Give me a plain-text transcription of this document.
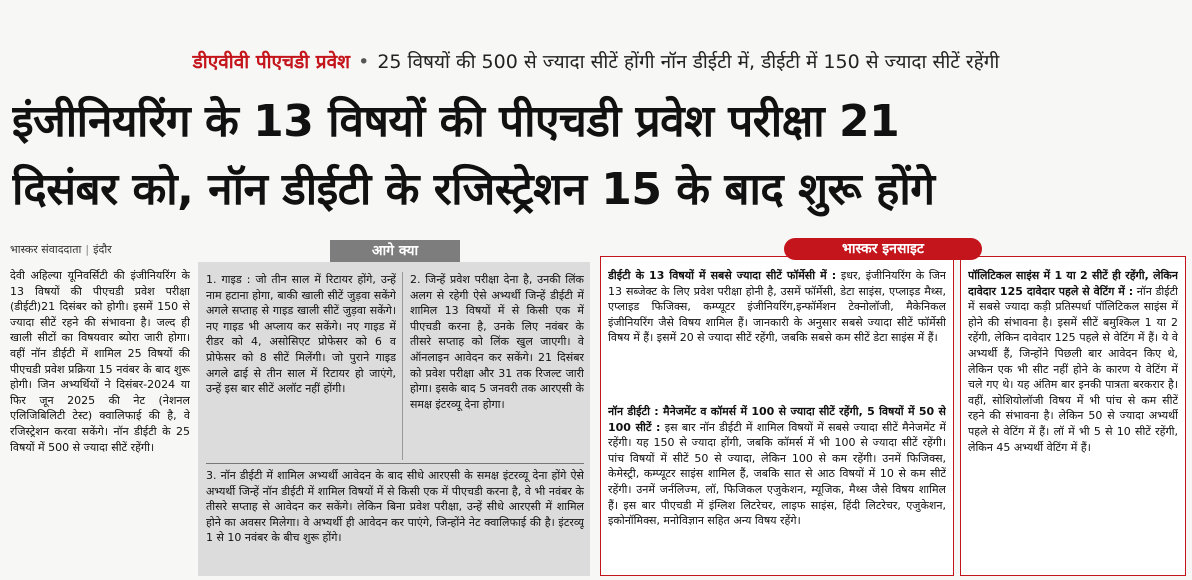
डीएवीवी पीएचडी प्रवेश • 25 विषयों की 500 से ज्यादा सीटें होंगी नॉन डीईटी में, डीईटी में 150 से ज्यादा सीटें रहेंगी
इंजीनियरिंग के 13 विषयों की पीएचडी प्रवेश परीक्षा 21
दिसंबर को, नॉन डीईटी के रजिस्ट्रेशन 15 के बाद शुरू होंगे
भास्कर संवाददाता | इंदौर
देवी अहिल्या यूनिवर्सिटी की इंजीनियरिंग के 13 विषयों की पीएचडी प्रवेश परीक्षा (डीईटी)21 दिसंबर को होगी। इसमें 150 से ज्यादा सीटें रहने की संभावना है। जल्द ही खाली सीटों का विषयवार ब्योरा जारी होगा। वहीं नॉन डीईटी में शामिल 25 विषयों की पीएचडी प्रवेश प्रक्रिया 15 नवंबर के बाद शुरू होगी। जिन अभ्यर्थियों ने दिसंबर-2024 या फिर जून 2025 की नेट (नेशनल एलिजिबिलिटी टेस्ट) क्वालिफाई की है, वे रजिस्ट्रेशन करवा सकेंगे। नॉन डीईटी के 25 विषयों में 500 से ज्यादा सीटें रहेंगी।
आगे क्या
1. गाइड : जो तीन साल में रिटायर होंगे, उन्हें नाम हटाना होगा, बाकी खाली सीटें जुड़वा सकेंगे अगले सप्ताह से गाइड खाली सीटें जुड़वा सकेंगे। नए गाइड भी अप्लाय कर सकेंगे। नए गाइड में रीडर को 4, असोसिएट प्रोफेसर को 6 व प्रोफेसर को 8 सीटें मिलेंगी। जो पुराने गाइड अगले ढाई से तीन साल में रिटायर हो जाएंगे, उन्हें इस बार सीटें अलॉट नहीं होंगी।
2. जिन्हें प्रवेश परीक्षा देना है, उनकी लिंक अलग से रहेगी ऐसे अभ्यर्थी जिन्हें डीईटी में शामिल 13 विषयों में से किसी एक में पीएचडी करना है, उनके लिए नवंबर के तीसरे सप्ताह को लिंक खुल जाएगी। वे ऑनलाइन आवेदन कर सकेंगे। 21 दिसंबर को प्रवेश परीक्षा और 31 तक रिजल्ट जारी होगा। इसके बाद 5 जनवरी तक आरएसी के समक्ष इंटरव्यू देना होगा।
3. नॉन डीईटी में शामिल अभ्यर्थी आवेदन के बाद सीधे आरएसी के समक्ष इंटरव्यू देना होंगे ऐसे अभ्यर्थी जिन्हें नॉन डीईटी में शामिल विषयों में से किसी एक में पीएचडी करना है, वे भी नवंबर के तीसरे सप्ताह से आवेदन कर सकेंगे। लेकिन बिना प्रवेश परीक्षा, उन्हें सीधे आरएसी में शामिल होने का अवसर मिलेगा। वे अभ्यर्थी ही आवेदन कर पाएंगे, जिन्होंने नेट क्वालिफाई की है। इंटरव्यू 1 से 10 नवंबर के बीच शुरू होंगे।
भास्कर इनसाइट
डीईटी के 13 विषयों में सबसे ज्यादा सीटें फॉर्मेसी में : इधर, इंजीनियरिंग के जिन 13 सब्जेक्ट के लिए प्रवेश परीक्षा होनी है, उसमें फॉर्मेसी, डेटा साइंस, एप्लाइड मैथ्स, एप्लाइड फिजिक्स, कम्प्यूटर इंजीनियरिंग,इन्फॉर्मेशन टेक्नोलॉजी, मैकेनिकल इंजीनियरिंग जैसे विषय शामिल हैं। जानकारी के अनुसार सबसे ज्यादा सीटें फॉर्मेसी विषय में हैं। इसमें 20 से ज्यादा सीटें रहेंगी, जबकि सबसे कम सीटें डेटा साइंस में हैं।
नॉन डीईटी : मैनेजमेंट व कॉमर्स में 100 से ज्यादा सीटें रहेंगी, 5 विषयों में 50 से 100 सीटें : इस बार नॉन डीईटी में शामिल विषयों में सबसे ज्यादा सीटें मैनेजमेंट में रहेंगी। यह 150 से ज्यादा होंगी, जबकि कॉमर्स में भी 100 से ज्यादा सीटें रहेंगी। पांच विषयों में सीटें 50 से ज्यादा, लेकिन 100 से कम रहेंगी। उनमें फिजिक्स, केमेस्ट्री, कम्प्यूटर साइंस शामिल हैं, जबकि सात से आठ विषयों में 10 से कम सीटें रहेंगी। उनमें जर्नलिज्म, लॉ, फिजिकल एजुकेशन, म्यूजिक, मैथ्स जैसे विषय शामिल हैं। इस बार पीएचडी में इंग्लिश लिटरेचर, लाइफ साइंस, हिंदी लिटरेचर, एजुकेशन, इकोनॉमिक्स, मनोविज्ञान सहित अन्य विषय रहेंगे।
पॉलिटिकल साइंस में 1 या 2 सीटें ही रहेंगी, लेकिन दावेदार 125 दावेदार पहले से वेटिंग में : नॉन डीईटी में सबसे ज्यादा कड़ी प्रतिस्पर्धा पॉलिटिकल साइंस में होने की संभावना है। इसमें सीटें बमुश्किल 1 या 2 रहेंगी, लेकिन दावेदार 125 पहले से वेटिंग में हैं। ये वे अभ्यर्थी हैं, जिन्होंने पिछली बार आवेदन किए थे, लेकिन एक भी सीट नहीं होने के कारण ये वेटिंग में चले गए थे। यह अंतिम बार इनकी पात्रता बरकरार है। वहीं, सोशियोलॉजी विषय में भी पांच से कम सीटें रहने की संभावना है। लेकिन 50 से ज्यादा अभ्यर्थी पहले से वेटिंग में हैं। लॉ में भी 5 से 10 सीटें रहेंगी, लेकिन 45 अभ्यर्थी वेटिंग में हैं।
